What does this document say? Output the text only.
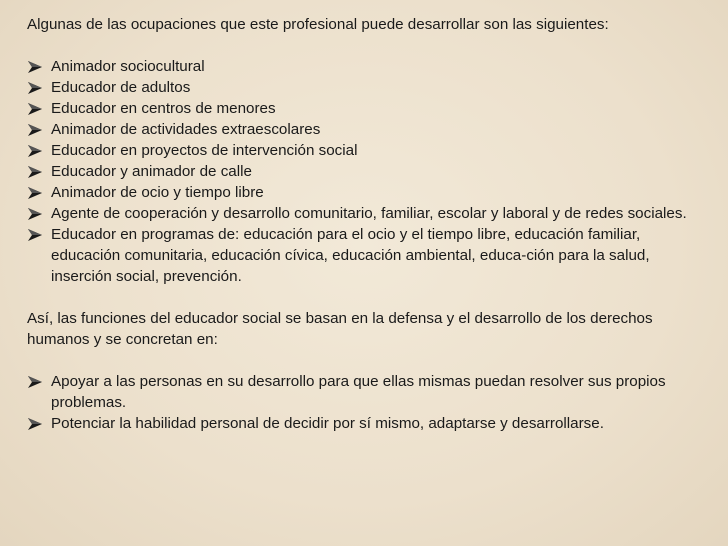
Algunas de las ocupaciones que este profesional puede desarrollar son las siguientes:

Animador sociocultural
Educador de adultos
Educador en centros de menores
Animador de actividades extraescolares
Educador en proyectos de intervención social
Educador y animador de calle
Animador de ocio y tiempo libre
Agente de cooperación y desarrollo comunitario, familiar, escolar y laboral y de redes sociales.
Educador en programas de: educación para el ocio y el tiempo libre, educación familiar, educación comunitaria, educación cívica, educación ambiental, educa-ción para la salud, inserción social, prevención.

Así, las funciones del educador social se basan en la defensa y el desarrollo de los derechos humanos y se concretan en:

Apoyar a las personas en su desarrollo para que ellas mismas puedan resolver sus propios problemas.
Potenciar la habilidad personal de decidir por sí mismo, adaptarse y desarrollarse.
